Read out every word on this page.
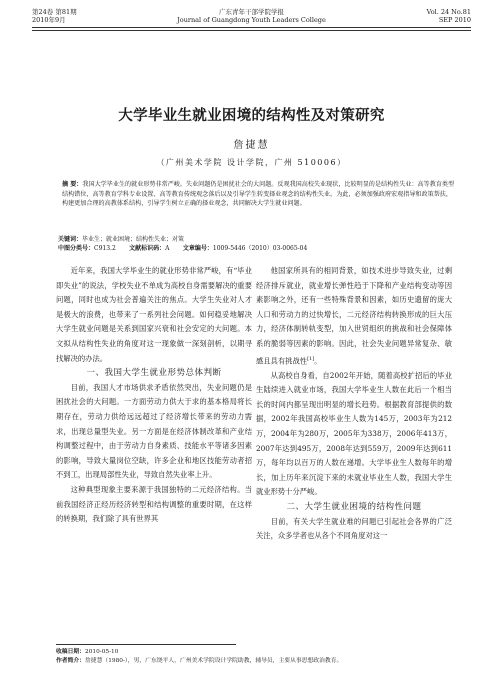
第24卷 第81期
2010年9月
广东青年干部学院学报
Journal of Guangdong Youth Leaders College
Vol. 24 No.81
SEP 2010
大学毕业生就业困境的结构性及对策研究
詹捷慧
（广州美术学院 设计学院，广州 510006）
摘 要：我国大学毕业生的就业形势非常严峻。失业问题仍是困扰社会的大问题。反观我国高校失业现状，比较明显的是结构性失业：高等教育类型结构错位，高等教育学科专业设置、高等教育传统观念落后以及引导学生转变择业观念的结构性失业。为此，必须加强政府宏观指导和政策帮扶，构建更加合理的高教体系结构，引导学生树立正确的择业观念，共同解决大学生就业问题。
关键词：毕业生；就业困境；结构性失业；对策
中图分类号：C913.2 文献标识码：A 文章编号：1009-5446（2010）03-0065-04

近年来，我国大学毕业生的就业形势非常严峻，有“毕业即失业”的说法，学校失业不单成为高校自身需要解决的重要问题，同时也成为社会普遍关注的焦点。大学生失业对人才是极大的浪费，也带来了一系列社会问题。如何稳妥地解决大学生就业问题是关系到国家兴衰和社会安定的大问题。本文拟从结构性失业的角度对这一现象做一深刻剖析，以期寻找解决的办法。

一、我国大学生就业形势总体判断

目前，我国人才市场供求矛盾依然突出，失业问题仍是困扰社会的大问题。一方面劳动力供大于求的基本格局将长期存在，劳动力供给远远超过了经济增长带来的劳动力需求，出现总量型失业。另一方面是在经济体制改革和产业结构调整过程中，由于劳动力自身素质、技能水平等诸多因素的影响，导致大量岗位空缺，许多企业和地区技能劳动者招不到工，出现局部性失业，导致自然失业率上升。

这种典型现象主要来源于我国独特的二元经济结构。当前我国经济正经历经济转型和结构调整的重要时期，在这样的转换期，我们除了具有世界其

他国家所具有的相同背景，如技术进步导致失业，过剩经济排斥就业，就业增长弹性趋于下降和产业结构变动等因素影响之外，还有一些特殊背景和因素，如历史遗留的庞大人口和劳动力的过快增长，二元经济结构转换形成的巨大压力，经济体制转轨变型，加入世贸组织的挑战和社会保障体系的脆弱等因素的影响。因此，社会失业问题异常复杂、敏感且具有挑战性[1]。

从高校自身看，自2002年开始，随着高校扩招后的毕业生陆续进入就业市场，我国大学毕业生人数在此后一个相当长的时间内都呈现出明显的增长趋势。根据教育部提供的数据，2002年我国高校毕业生人数为145万，2003年为212万，2004年为280万，2005年为338万，2006年413万，2007年达到495万，2008年达到559万，2009年达到611万，每年均以百万的人数在递增。大学毕业生人数每年的增长，加上历年来沉淀下来的未就业毕业生人数，我国大学生就业形势十分严峻。

二、大学生就业困境的结构性问题

目前，有关大学生就业难的问题已引起社会各界的广泛关注，众多学者也从各个不同角度对这一

收稿日期：2010-05-10
作者简介：詹捷慧（1980-），男，广东饶平人，广州美术学院设计学院助教，辅导员，主要从事思想政治教育。
